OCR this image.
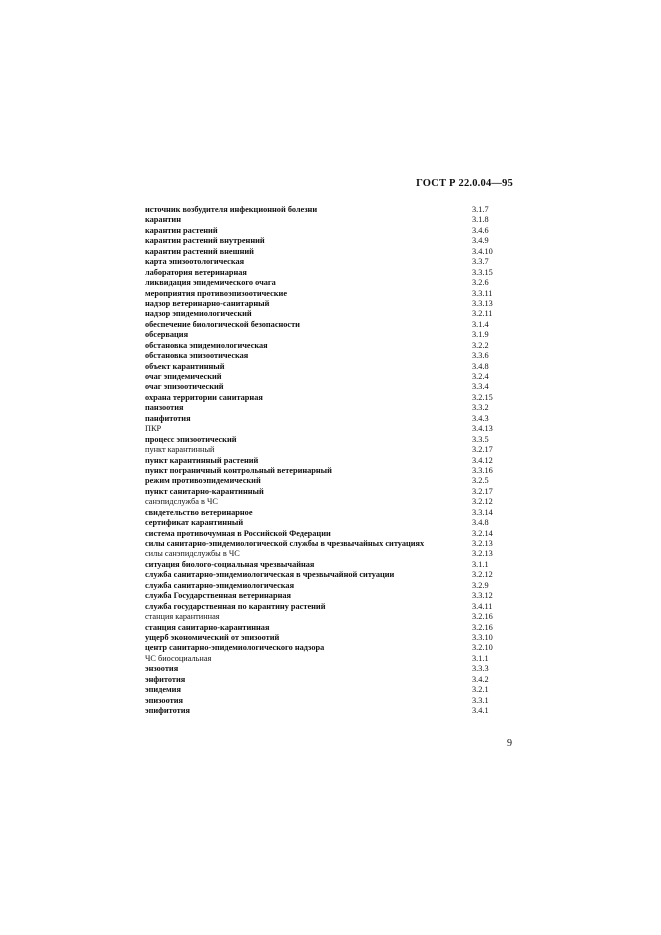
ГОСТ Р 22.0.04—95
источник возбудителя инфекционной болезни	3.1.7
карантин	3.1.8
карантин растений	3.4.6
карантин растений внутренний	3.4.9
карантин растений внешний	3.4.10
карта эпизоотологическая	3.3.7
лаборатория ветеринарная	3.3.15
ликвидация эпидемического очага	3.2.6
мероприятия противоэпизоотические	3.3.11
надзор ветеринарно-санитарный	3.3.13
надзор эпидемиологический	3.2.11
обеспечение биологической безопасности	3.1.4
обсервация	3.1.9
обстановка эпидемиологическая	3.2.2
обстановка эпизоотическая	3.3.6
объект карантинный	3.4.8
очаг эпидемический	3.2.4
очаг эпизоотический	3.3.4
охрана территории санитарная	3.2.15
панзоотия	3.3.2
панфитотия	3.4.3
ПКР	3.4.13
процесс эпизоотический	3.3.5
пункт карантинный	3.2.17
пункт карантинный растений	3.4.12
пункт пограничный контрольный ветеринарный	3.3.16
режим противоэпидемический	3.2.5
пункт санитарно-карантинный	3.2.17
санэпидслужба в ЧС	3.2.12
свидетельство ветеринарное	3.3.14
сертификат карантинный	3.4.8
система противочумная в Российской Федерации	3.2.14
силы санитарно-эпидемиологической службы в чрезвычайных ситуациях	3.2.13
силы санэпидслужбы в ЧС	3.2.13
ситуация биолого-социальная чрезвычайная	3.1.1
служба санитарно-эпидемиологическая в чрезвычайной ситуации	3.2.12
служба санитарно-эпидемиологическая	3.2.9
служба Государственная ветеринарная	3.3.12
служба государственная по карантину растений	3.4.11
станция карантинная	3.2.16
станция санитарно-карантинная	3.2.16
ущерб экономический от эпизоотий	3.3.10
центр санитарно-эпидемиологического надзора	3.2.10
ЧС биосоциальная	3.1.1
энзоотия	3.3.3
энфитотия	3.4.2
эпидемия	3.2.1
эпизоотия	3.3.1
эпифитотия	3.4.1
9
